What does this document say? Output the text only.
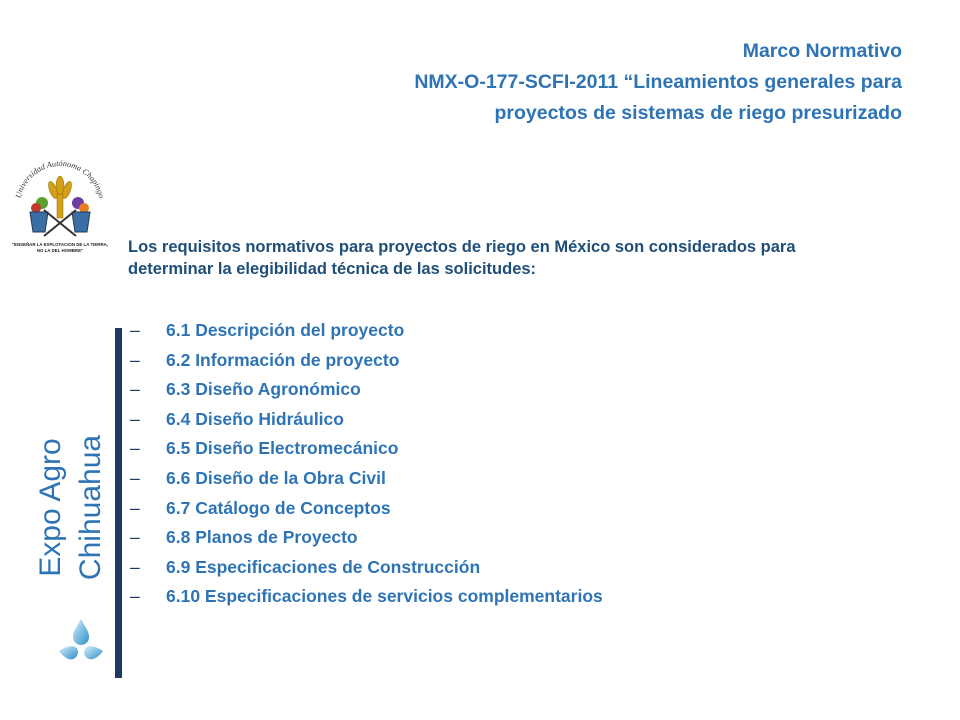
Marco Normativo
NMX-O-177-SCFI-2011 “Lineamientos generales para
proyectos de sistemas de riego presurizado
Universidad Autónoma Chapingo
"ENSEÑAR LA EXPLOTACION DE LA TIERRA,
NO LA DEL HOMBRE"	Los requisitos normativos para proyectos de riego en México son considerados para determinar la elegibilidad técnica de las solicitudes:
Expo Agro Chihuahua
–	6.1 Descripción del proyecto
–	6.2 Información de proyecto
–	6.3 Diseño Agronómico
–	6.4 Diseño Hidráulico
–	6.5 Diseño Electromecánico
–	6.6 Diseño de la Obra Civil
–	6.7 Catálogo de Conceptos
–	6.8 Planos de Proyecto
–	6.9 Especificaciones de Construcción
–	6.10 Especificaciones de servicios complementarios
